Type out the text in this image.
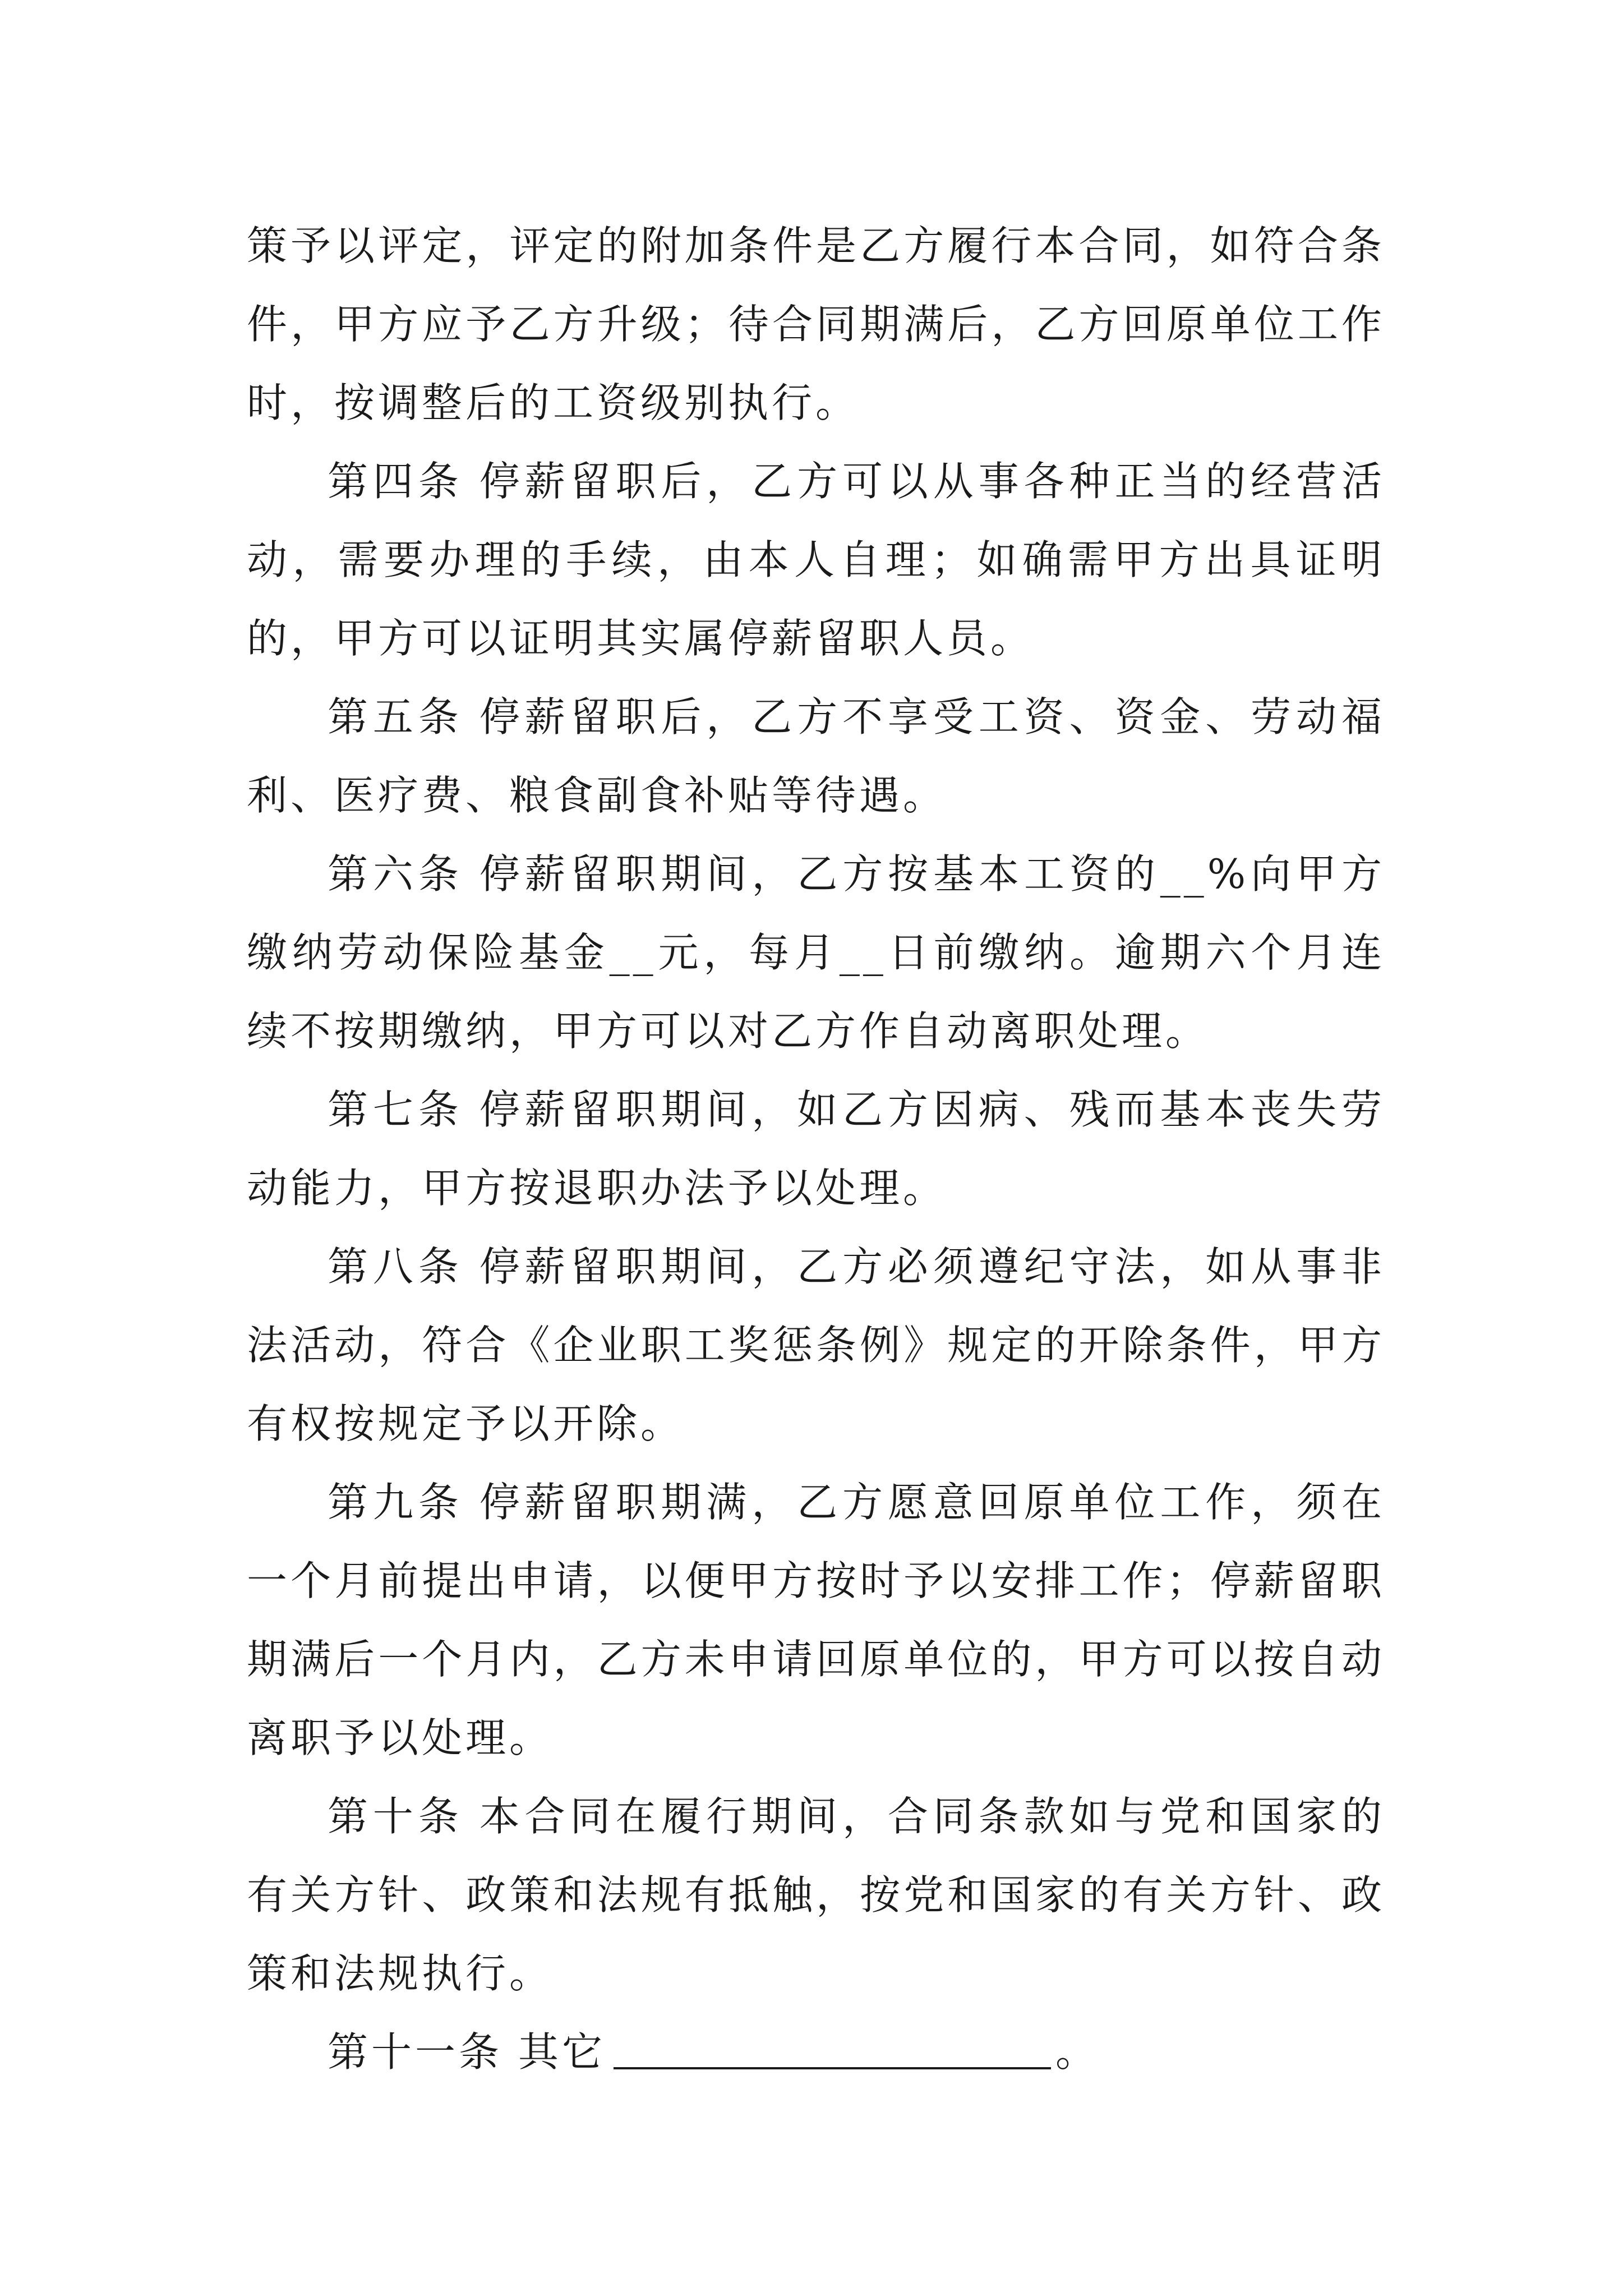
策予以评定，评定的附加条件是乙方履行本合同，如符合条件，甲方应予乙方升级；待合同期满后，乙方回原单位工作时，按调整后的工资级别执行。

第四条 停薪留职后，乙方可以从事各种正当的经营活动，需要办理的手续，由本人自理；如确需甲方出具证明的，甲方可以证明其实属停薪留职人员。

第五条 停薪留职后，乙方不享受工资、资金、劳动福利、医疗费、粮食副食补贴等待遇。

第六条 停薪留职期间，乙方按基本工资的__%向甲方缴纳劳动保险基金__元，每月__日前缴纳。逾期六个月连续不按期缴纳，甲方可以对乙方作自动离职处理。

第七条 停薪留职期间，如乙方因病、残而基本丧失劳动能力，甲方按退职办法予以处理。

第八条 停薪留职期间，乙方必须遵纪守法，如从事非法活动，符合《企业职工奖惩条例》规定的开除条件，甲方有权按规定予以开除。

第九条 停薪留职期满，乙方愿意回原单位工作，须在一个月前提出申请，以便甲方按时予以安排工作；停薪留职期满后一个月内，乙方未申请回原单位的，甲方可以按自动离职予以处理。

第十条 本合同在履行期间，合同条款如与党和国家的有关方针、政策和法规有抵触，按党和国家的有关方针、政策和法规执行。

第十一条 其它	。
